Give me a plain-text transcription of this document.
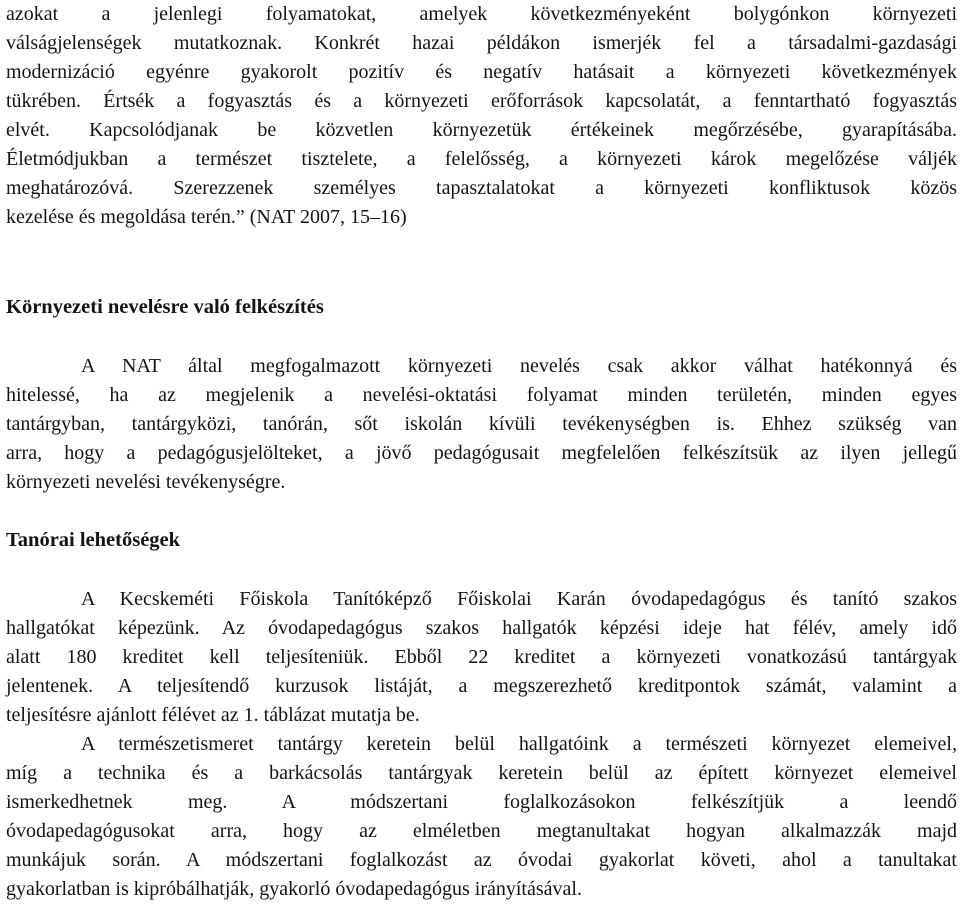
azokat a jelenlegi folyamatokat, amelyek következményeként bolygónkon környezeti
válságjelenségek mutatkoznak. Konkrét hazai példákon ismerjék fel a társadalmi-gazdasági
modernizáció egyénre gyakorolt pozitív és negatív hatásait a környezeti következmények
tükrében. Értsék a fogyasztás és a környezeti erőforrások kapcsolatát, a fenntartható fogyasztás
elvét. Kapcsolódjanak be közvetlen környezetük értékeinek megőrzésébe, gyarapításába.
Életmódjukban a természet tisztelete, a felelősség, a környezeti károk megelőzése váljék
meghatározóvá. Szerezzenek személyes tapasztalatokat a környezeti konfliktusok közös
kezelése és megoldása terén.” (NAT 2007, 15–16)
Környezeti nevelésre való felkészítés
A NAT által megfogalmazott környezeti nevelés csak akkor válhat hatékonnyá és
hitelessé, ha az megjelenik a nevelési-oktatási folyamat minden területén, minden egyes
tantárgyban, tantárgyközi, tanórán, sőt iskolán kívüli tevékenységben is. Ehhez szükség van
arra, hogy a pedagógusjelölteket, a jövő pedagógusait megfelelően felkészítsük az ilyen jellegű
környezeti nevelési tevékenységre.
Tanórai lehetőségek
A Kecskeméti Főiskola Tanítóképző Főiskolai Karán óvodapedagógus és tanító szakos
hallgatókat képezünk. Az óvodapedagógus szakos hallgatók képzési ideje hat félév, amely idő
alatt 180 kreditet kell teljesíteniük. Ebből 22 kreditet a környezeti vonatkozású tantárgyak
jelentenek. A teljesítendő kurzusok listáját, a megszerezhető kreditpontok számát, valamint a
teljesítésre ajánlott félévet az 1. táblázat mutatja be.
A természetismeret tantárgy keretein belül hallgatóink a természeti környezet elemeivel,
míg a technika és a barkácsolás tantárgyak keretein belül az épített környezet elemeivel
ismerkedhetnek meg. A módszertani foglalkozásokon felkészítjük a leendő
óvodapedagógusokat arra, hogy az elméletben megtanultakat hogyan alkalmazzák majd
munkájuk során. A módszertani foglalkozást az óvodai gyakorlat követi, ahol a tanultakat
gyakorlatban is kipróbálhatják, gyakorló óvodapedagógus irányításával.
